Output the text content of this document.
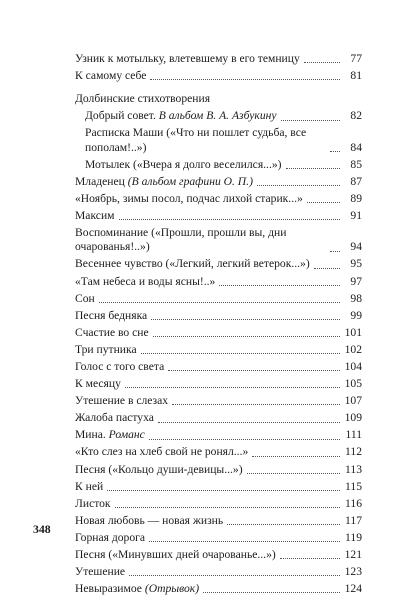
Узник к мотыльку, влетевшему в его темницу	77
К самому себе	81
Долбинские стихотворения
Добрый совет. В альбом В. А. Азбукину	82
Расписка Маши («Что ни пошлет судьба, все пополам!..»)	84
Мотылек («Вчера я долго веселился...»)	85
Младенец (В альбом графини О. П.)	87
«Ноябрь, зимы посол, подчас лихой старик...»	89
Максим	91
Воспоминание («Прошли, прошли вы, дни очарованья!..»)	94
Весеннее чувство («Легкий, легкий ветерок...»)	95
«Там небеса и воды ясны!..»	97
Сон	98
Песня бедняка	99
Счастие во сне	101
Три путника	102
Голос с того света	104
К месяцу	105
Утешение в слезах	107
Жалоба пастуха	109
Мина. Романс	111
«Кто слез на хлеб свой не ронял...»	112
Песня («Кольцо души-девицы...»)	113
К ней	115
Листок	116
Новая любовь — новая жизнь	117
Горная дорога	119
Песня («Минувших дней очарованье...»)	121
Утешение	123
Невыразимое (Отрывок)	124
348
